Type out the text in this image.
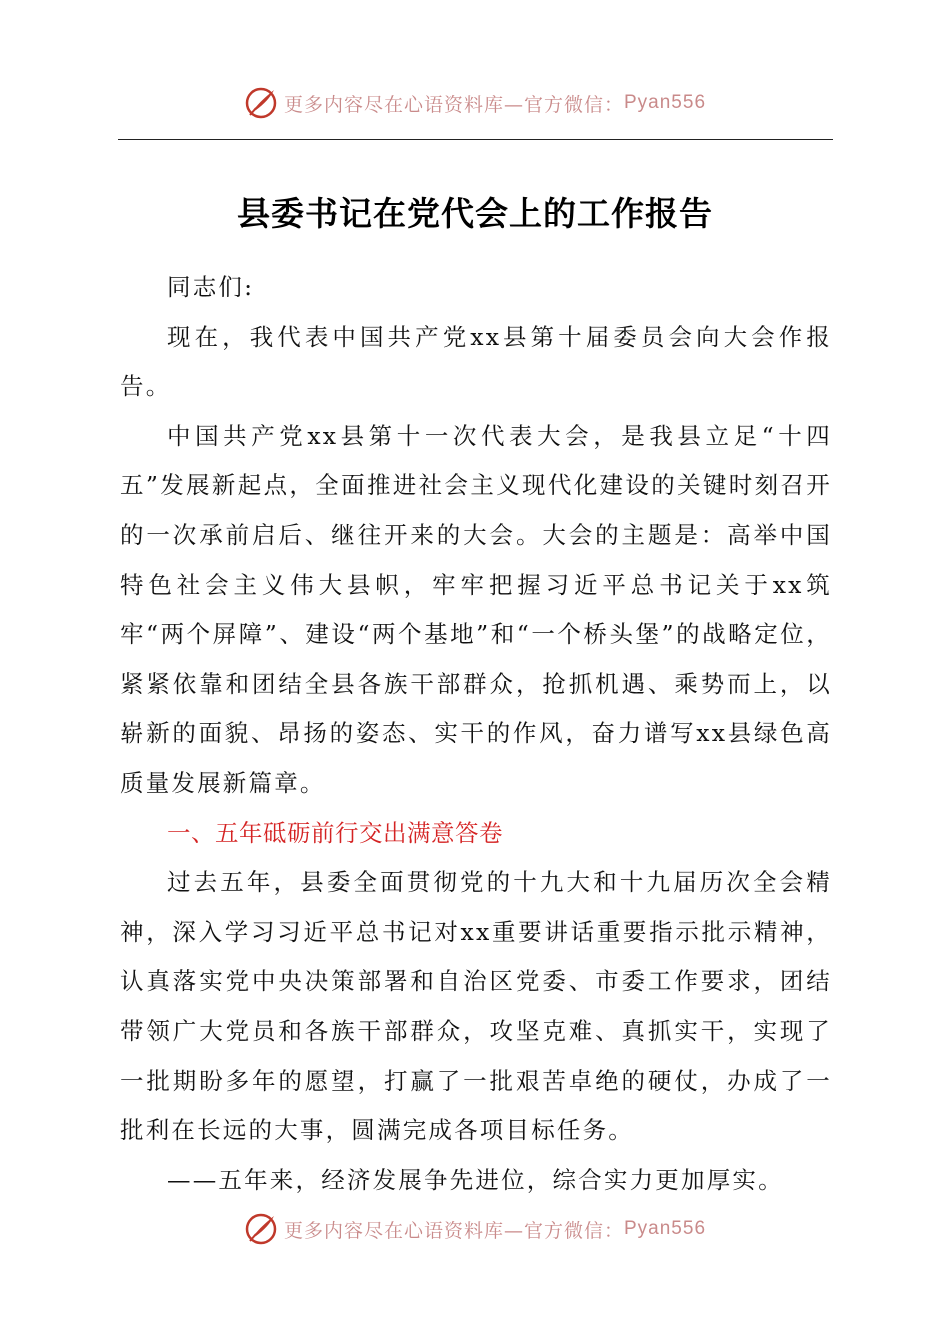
更多内容尽在心语资料库—官方微信： Pyan556
县委书记在党代会上的工作报告

同志们:

现在，我代表中国共产党xx县第十届委员会向大会作报告。

中国共产党xx县第十一次代表大会，是我县立足“十四五”发展新起点，全面推进社会主义现代化建设的关键时刻召开的一次承前启后、继往开来的大会。大会的主题是：高举中国特色社会主义伟大县帜，牢牢把握习近平总书记关于xx筑牢“两个屏障”、建设“两个基地”和“一个桥头堡”的战略定位，紧紧依靠和团结全县各族干部群众，抢抓机遇、乘势而上，以崭新的面貌、昂扬的姿态、实干的作风，奋力谱写xx县绿色高质量发展新篇章。

一、五年砥砺前行交出满意答卷

过去五年，县委全面贯彻党的十九大和十九届历次全会精神，深入学习习近平总书记对xx重要讲话重要指示批示精神，认真落实党中央决策部署和自治区党委、市委工作要求，团结带领广大党员和各族干部群众，攻坚克难、真抓实干，实现了一批期盼多年的愿望，打赢了一批艰苦卓绝的硬仗，办成了一批利在长远的大事，圆满完成各项目标任务。

——五年来，经济发展争先进位，综合实力更加厚实。

更多内容尽在心语资料库—官方微信： Pyan556
